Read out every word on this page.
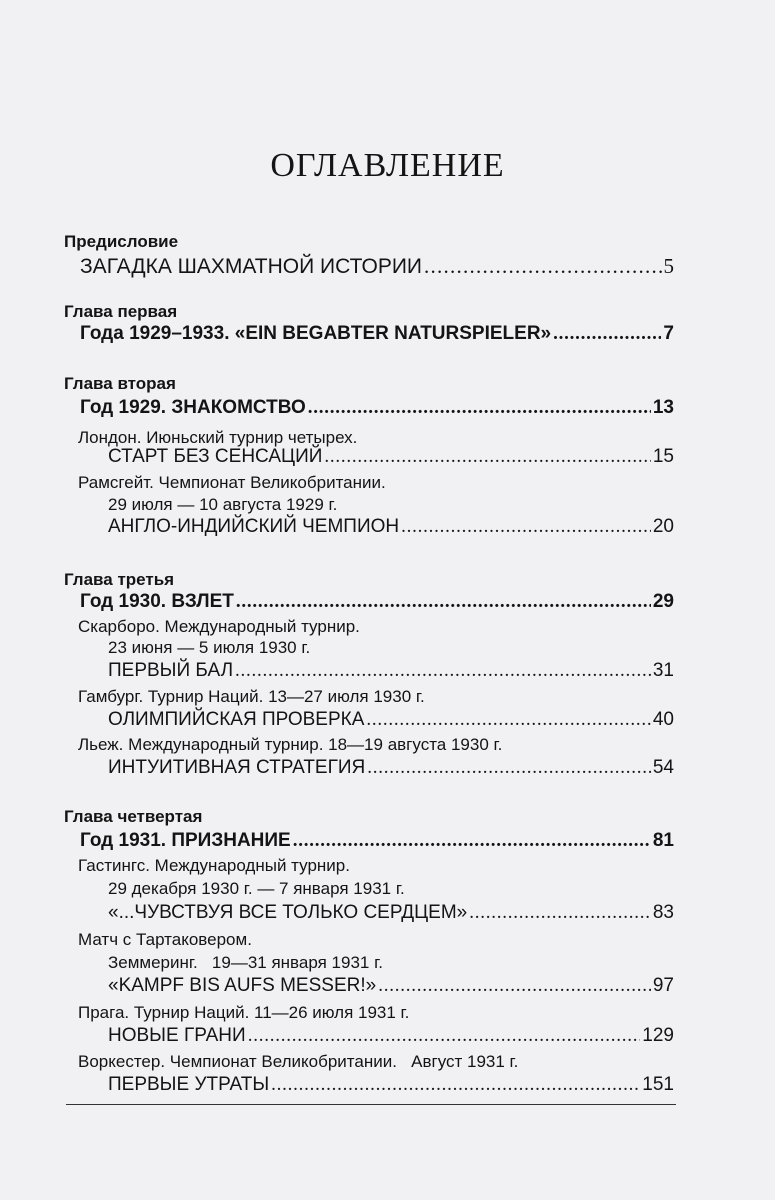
ОГЛАВЛЕНИЕ
Предисловие
ЗАГАДКА ШАХМАТНОЙ ИСТОРИИ . . .	5
Глава первая
Года 1929–1933. «EIN BEGABTER NATURSPIELER» . . .	7
Глава вторая
Год 1929. ЗНАКОМСТВО . . .	13
Лондон. Июньский турнир четырех.
СТАРТ БЕЗ СЕНСАЦИЙ . . .	15
Рамсгейт. Чемпионат Великобритании.
29 июля — 10 августа 1929 г.
АНГЛО-ИНДИЙСКИЙ ЧЕМПИОН . . .	20
Глава третья
Год 1930. ВЗЛЕТ . . .	29
Скарборо. Международный турнир.
23 июня — 5 июля 1930 г.
ПЕРВЫЙ БАЛ . . .	31
Гамбург. Турнир Наций. 13—27 июля 1930 г.
ОЛИМПИЙСКАЯ ПРОВЕРКА . . .	40
Льеж. Международный турнир. 18—19 августа 1930 г.
ИНТУИТИВНАЯ СТРАТЕГИЯ . . .	54
Глава четвертая
Год 1931. ПРИЗНАНИЕ . . .	81
Гастингс. Международный турнир.
29 декабря 1930 г. — 7 января 1931 г.
«...ЧУВСТВУЯ ВСЕ ТОЛЬКО СЕРДЦЕМ» . . .	83
Матч с Тартаковером.
Земмеринг.   19—31 января 1931 г.
«KAMPF BIS AUFS MESSER!» . . .	97
Прага. Турнир Наций. 11—26 июля 1931 г.
НОВЫЕ ГРАНИ . . .	129
Воркестер. Чемпионат Великобритании.   Август 1931 г.
ПЕРВЫЕ УТРАТЫ . . .	151
